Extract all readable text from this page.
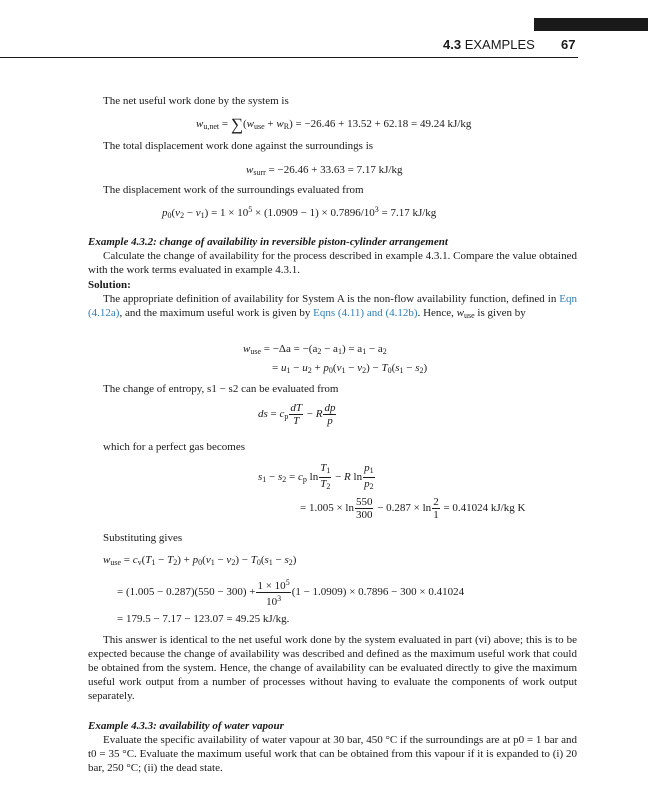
4.3 EXAMPLES 67
The net useful work done by the system is
$w_{u,net} = \sum(w_{use} + w_R) = -26.46 + 13.52 + 62.18 = 49.24$ kJ/kg
The total displacement work done against the surroundings is
$w_{surr} = -26.46 + 33.63 = 7.17$ kJ/kg
The displacement work of the surroundings evaluated from
$p_0(v_2 - v_1) = 1 \times 10^5 \times (1.0909 - 1) \times 0.7896/10^3 = 7.17$ kJ/kg
Example 4.3.2: change of availability in reversible piston-cylinder arrangement
Calculate the change of availability for the process described in example 4.3.1. Compare the value obtained with the work terms evaluated in example 4.3.1.
Solution:
The appropriate definition of availability for System A is the non-flow availability function, defined in Eqn (4.12a), and the maximum useful work is given by Eqns (4.11) and (4.12b). Hence, $w_{use}$ is given by
$w_{use} = -\Delta a = -(a_2 - a_1) = a_1 - a_2$
= $u_1 - u_2 + p_0(v_1 - v_2) - T_0(s_1 - s_2)$
The change of entropy, s1 − s2 can be evaluated from
ds = $c_p \frac{dT}{T} - R \frac{dp}{p}$
which for a perfect gas becomes
$s_1 - s_2 = c_p$ $\ln \frac{T_1}{T_2} - R$ $\ln \frac{p_1}{p_2}$
= $1.005 \times \ln \frac{550}{300} - 0.287 \times \ln \frac{2}{1} = 0.41024$ kJ/kg K
Substituting gives
$w_{use} = c_v(T_1 - T_2) + p_0(v_1 - v_2) - T_0(s_1 - s_2)$
= $(1.005 - 0.287)(550 - 300) + \frac{1 \times 10^5}{10^3} (1 - 1.0909) \times 0.7896 - 300 \times 0.41024$
= 179.5 − 7.17 − 123.07 = 49.25 kJ/kg.
This answer is identical to the net useful work done by the system evaluated in part (vi) above; this is to be expected because the change of availability was described and defined as the maximum useful work that could be obtained from the system. Hence, the change of availability can be evaluated directly to give the maximum useful work output from a number of processes without having to evaluate the components of work output separately.
Example 4.3.3: availability of water vapour
Evaluate the specific availability of water vapour at 30 bar, 450 °C if the surroundings are at p0 = 1 bar and t0 = 35 °C. Evaluate the maximum useful work that can be obtained from this vapour if it is expanded to (i) 20 bar, 250 °C; (ii) the dead state.
